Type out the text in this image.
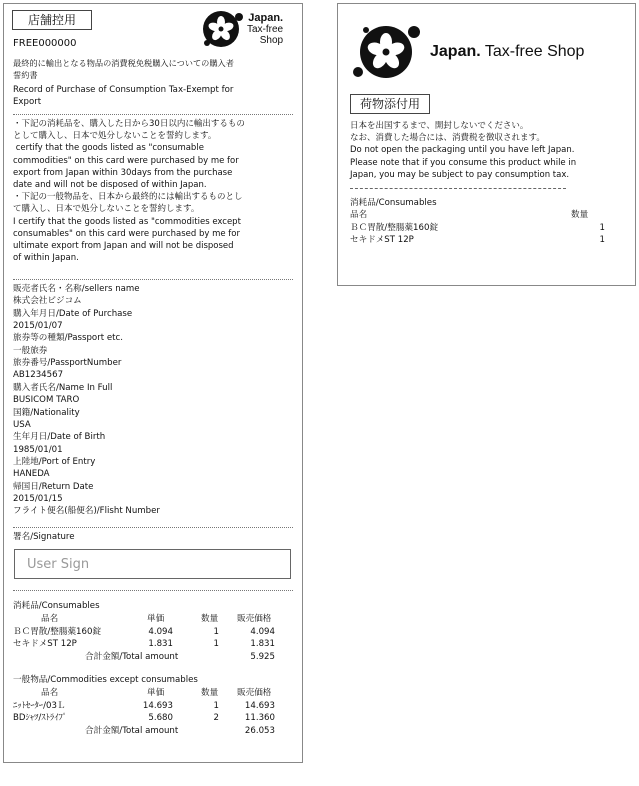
店舗控用	Japan.
Tax-free
Shop
FREE000000
最終的に輸出となる物品の消費税免税購入についての購入者
誓約書
Record of Purchase of Consumption Tax-Exempt for
Export
・下記の消耗品を、購入した日から30日以内に輸出するもの
として購入し、日本で処分しないことを誓約します。
certify that the goods listed as "consumable
commodities" on this card were purchased by me for
export from Japan within 30days from the purchase
date and will not be disposed of within Japan.
・下記の一般物品を、日本から最終的には輸出するものとし
て購入し、日本で処分しないことを誓約します。
I certify that the goods listed as "commodities except
consumables" on this card were purchased by me for
ultimate export from Japan and will not be disposed
of within Japan.
販売者氏名・名称/sellers name
株式会社ビジコム
購入年月日/Date of Purchase
2015/01/07
旅券等の種類/Passport etc.
一般旅券
旅券番号/PassportNumber
AB1234567
購入者氏名/Name In Full
BUSICOM TARO
国籍/Nationality
USA
生年月日/Date of Birth
1985/01/01
上陸地/Port of Entry
HANEDA
帰国日/Return Date
2015/01/15
フライト便名(船便名)/Flisht Number
署名/Signature
User Sign
消耗品/Consumables
品名	単価	数量 販売価格
ＢＣ胃散/整腸薬160錠	4.094	1	4.094
セキドメST 12P	1.831	1	1.831
合計金額/Total amount	5.925
一般物品/Commodities except consumables
品名	単価	数量 販売価格
ﾆｯﾄｾｰﾀｰ/03Ｌ	14.693	1	14.693
BDｼｬﾂ/ｽﾄﾗｲﾌﾟ	5.680	2	11.360
合計金額/Total amount	26.053
Japan. Tax-free Shop
荷物添付用
日本を出国するまで、開封しないでください。
なお、消費した場合には、消費税を徴収されます。
Do not open the packaging until you have left Japan.
Please note that if you consume this product while in
Japan, you may be subject to pay consumption tax.
消耗品/Consumables
品名	数量
ＢＣ胃散/整腸薬160錠	1
セキドメST 12P	1
